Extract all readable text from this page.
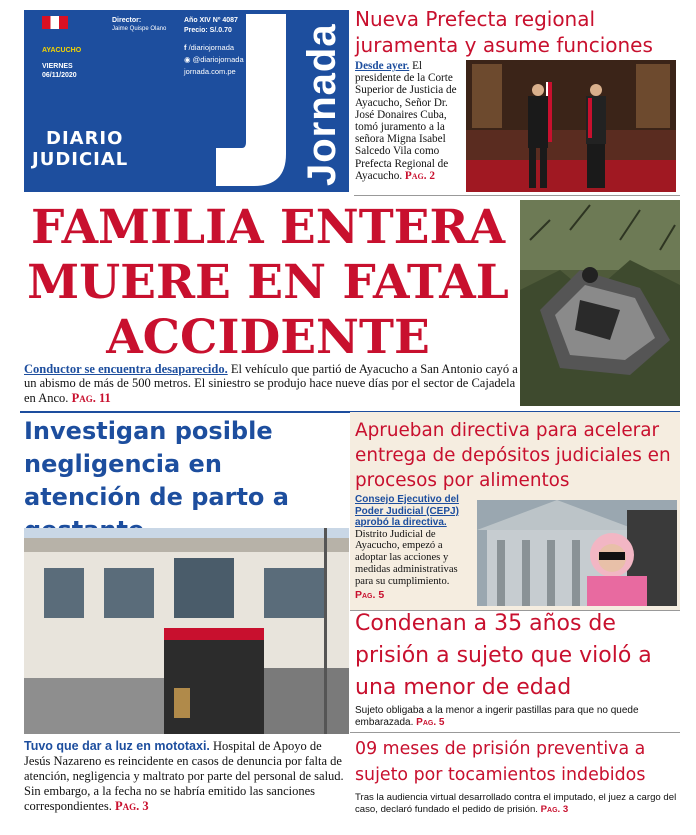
AYACUCHO
VIERNES
06/11/2020
Director:
Jaime Quispe Olano
Año XIV Nº 4087
Precio: S/.0.70
f /diariojornada
◉ @diariojornada
jornada.com.pe
DIARIO
JUDICIAL	Jornada
Nueva Prefecta regional juramenta y asume funciones
Desde ayer. El presidente de la Corte Superior de Justicia de Ayacucho, Señor Dr. José Donaires Cuba, tomó juramento a la señora Migna Isabel Salcedo Vila como Prefecta Regional de Ayacucho. Pag. 2
FAMILIA ENTERA
MUERE EN FATAL
ACCIDENTE
Conductor se encuentra desaparecido. El vehículo que partió de Ayacucho a San Antonio cayó a un abismo de más de 500 metros. El siniestro se produjo hace nueve días por el sector de Cajadela en Anco. Pag. 11
Investigan posible negligencia en atención de parto a
Tuvo que dar a luz en mototaxi. Hospital de Apoyo de Jesús Nazareno es reincidente en casos de denuncia por falta de atención, negligencia y maltrato por parte del personal de salud. Sin embargo, a la fecha no se habría emitido las sanciones correspondientes. Pag. 3
Aprueban directiva para acelerar entrega de depósitos judiciales en procesos por alimentos
Consejo Ejecutivo del Poder Judicial (CEPJ) aprobó la directiva.
Distrito Judicial de Ayacucho, empezó a adoptar las acciones y medidas administrativas para su cumplimiento.
Pag. 5
Condenan a 35 años de prisión a sujeto que violó a una menor de edad
Sujeto obligaba a la menor a ingerir pastillas para que no quede embarazada. Pag. 5
09 meses de prisión preventiva a sujeto por tocamientos indebidos
Tras la audiencia virtual desarrollado contra el imputado, el juez a cargo del caso, declaró fundado el pedido de prisión. Pag. 3
